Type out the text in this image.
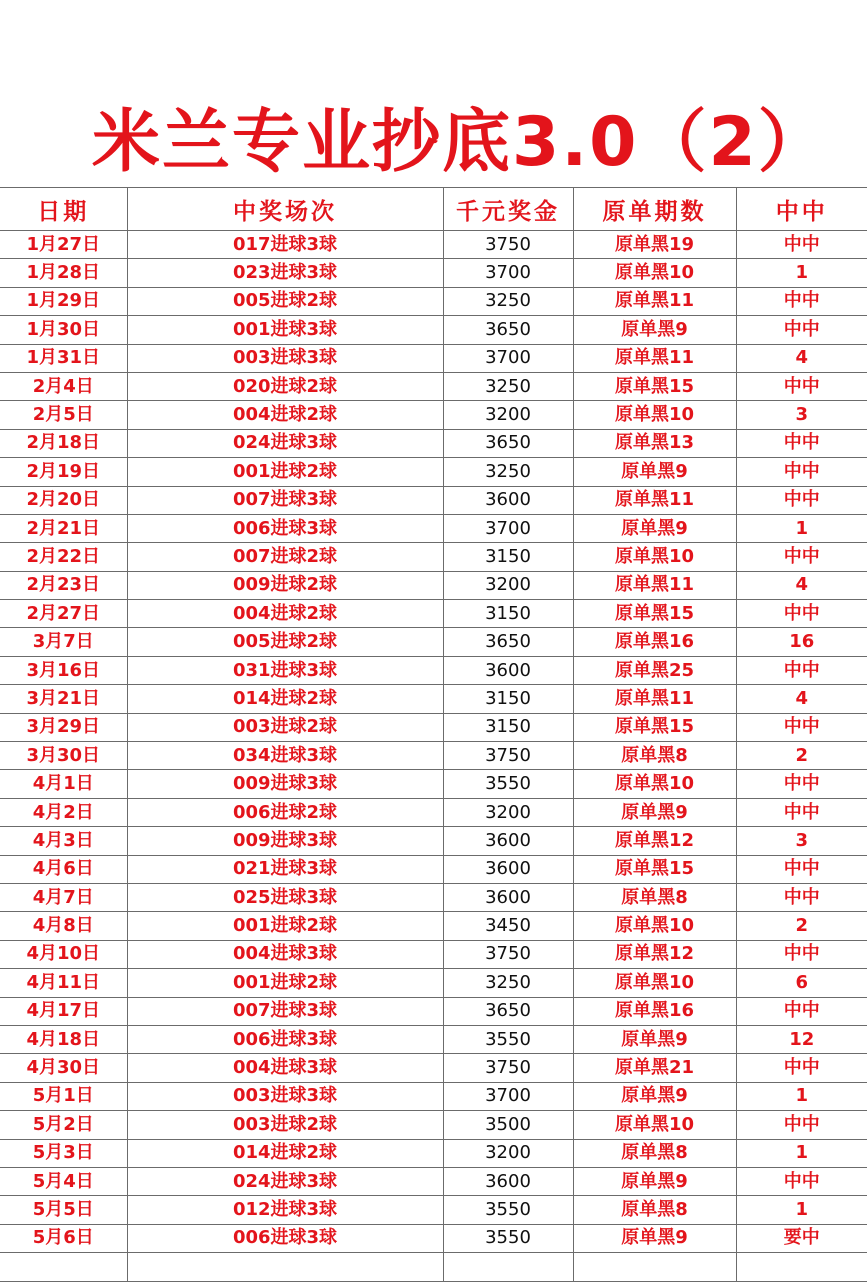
米兰专业抄底3.0（2）
日期	中奖场次	千元奖金	原单期数	中中
1月27日	017进球3球	3750	原单黑19	中中
1月28日	023进球3球	3700	原单黑10	1
1月29日	005进球2球	3250	原单黑11	中中
1月30日	001进球3球	3650	原单黑9	中中
1月31日	003进球3球	3700	原单黑11	4
2月4日	020进球2球	3250	原单黑15	中中
2月5日	004进球2球	3200	原单黑10	3
2月18日	024进球3球	3650	原单黑13	中中
2月19日	001进球2球	3250	原单黑9	中中
2月20日	007进球3球	3600	原单黑11	中中
2月21日	006进球3球	3700	原单黑9	1
2月22日	007进球2球	3150	原单黑10	中中
2月23日	009进球2球	3200	原单黑11	4
2月27日	004进球2球	3150	原单黑15	中中
3月7日	005进球2球	3650	原单黑16	16
3月16日	031进球3球	3600	原单黑25	中中
3月21日	014进球2球	3150	原单黑11	4
3月29日	003进球2球	3150	原单黑15	中中
3月30日	034进球3球	3750	原单黑8	2
4月1日	009进球3球	3550	原单黑10	中中
4月2日	006进球2球	3200	原单黑9	中中
4月3日	009进球3球	3600	原单黑12	3
4月6日	021进球3球	3600	原单黑15	中中
4月7日	025进球3球	3600	原单黑8	中中
4月8日	001进球2球	3450	原单黑10	2
4月10日	004进球3球	3750	原单黑12	中中
4月11日	001进球2球	3250	原单黑10	6
4月17日	007进球3球	3650	原单黑16	中中
4月18日	006进球3球	3550	原单黑9	12
4月30日	004进球3球	3750	原单黑21	中中
5月1日	003进球3球	3700	原单黑9	1
5月2日	003进球2球	3500	原单黑10	中中
5月3日	014进球2球	3200	原单黑8	1
5月4日	024进球3球	3600	原单黑9	中中
5月5日	012进球3球	3550	原单黑8	1
5月6日	006进球3球	3550	原单黑9	要中
